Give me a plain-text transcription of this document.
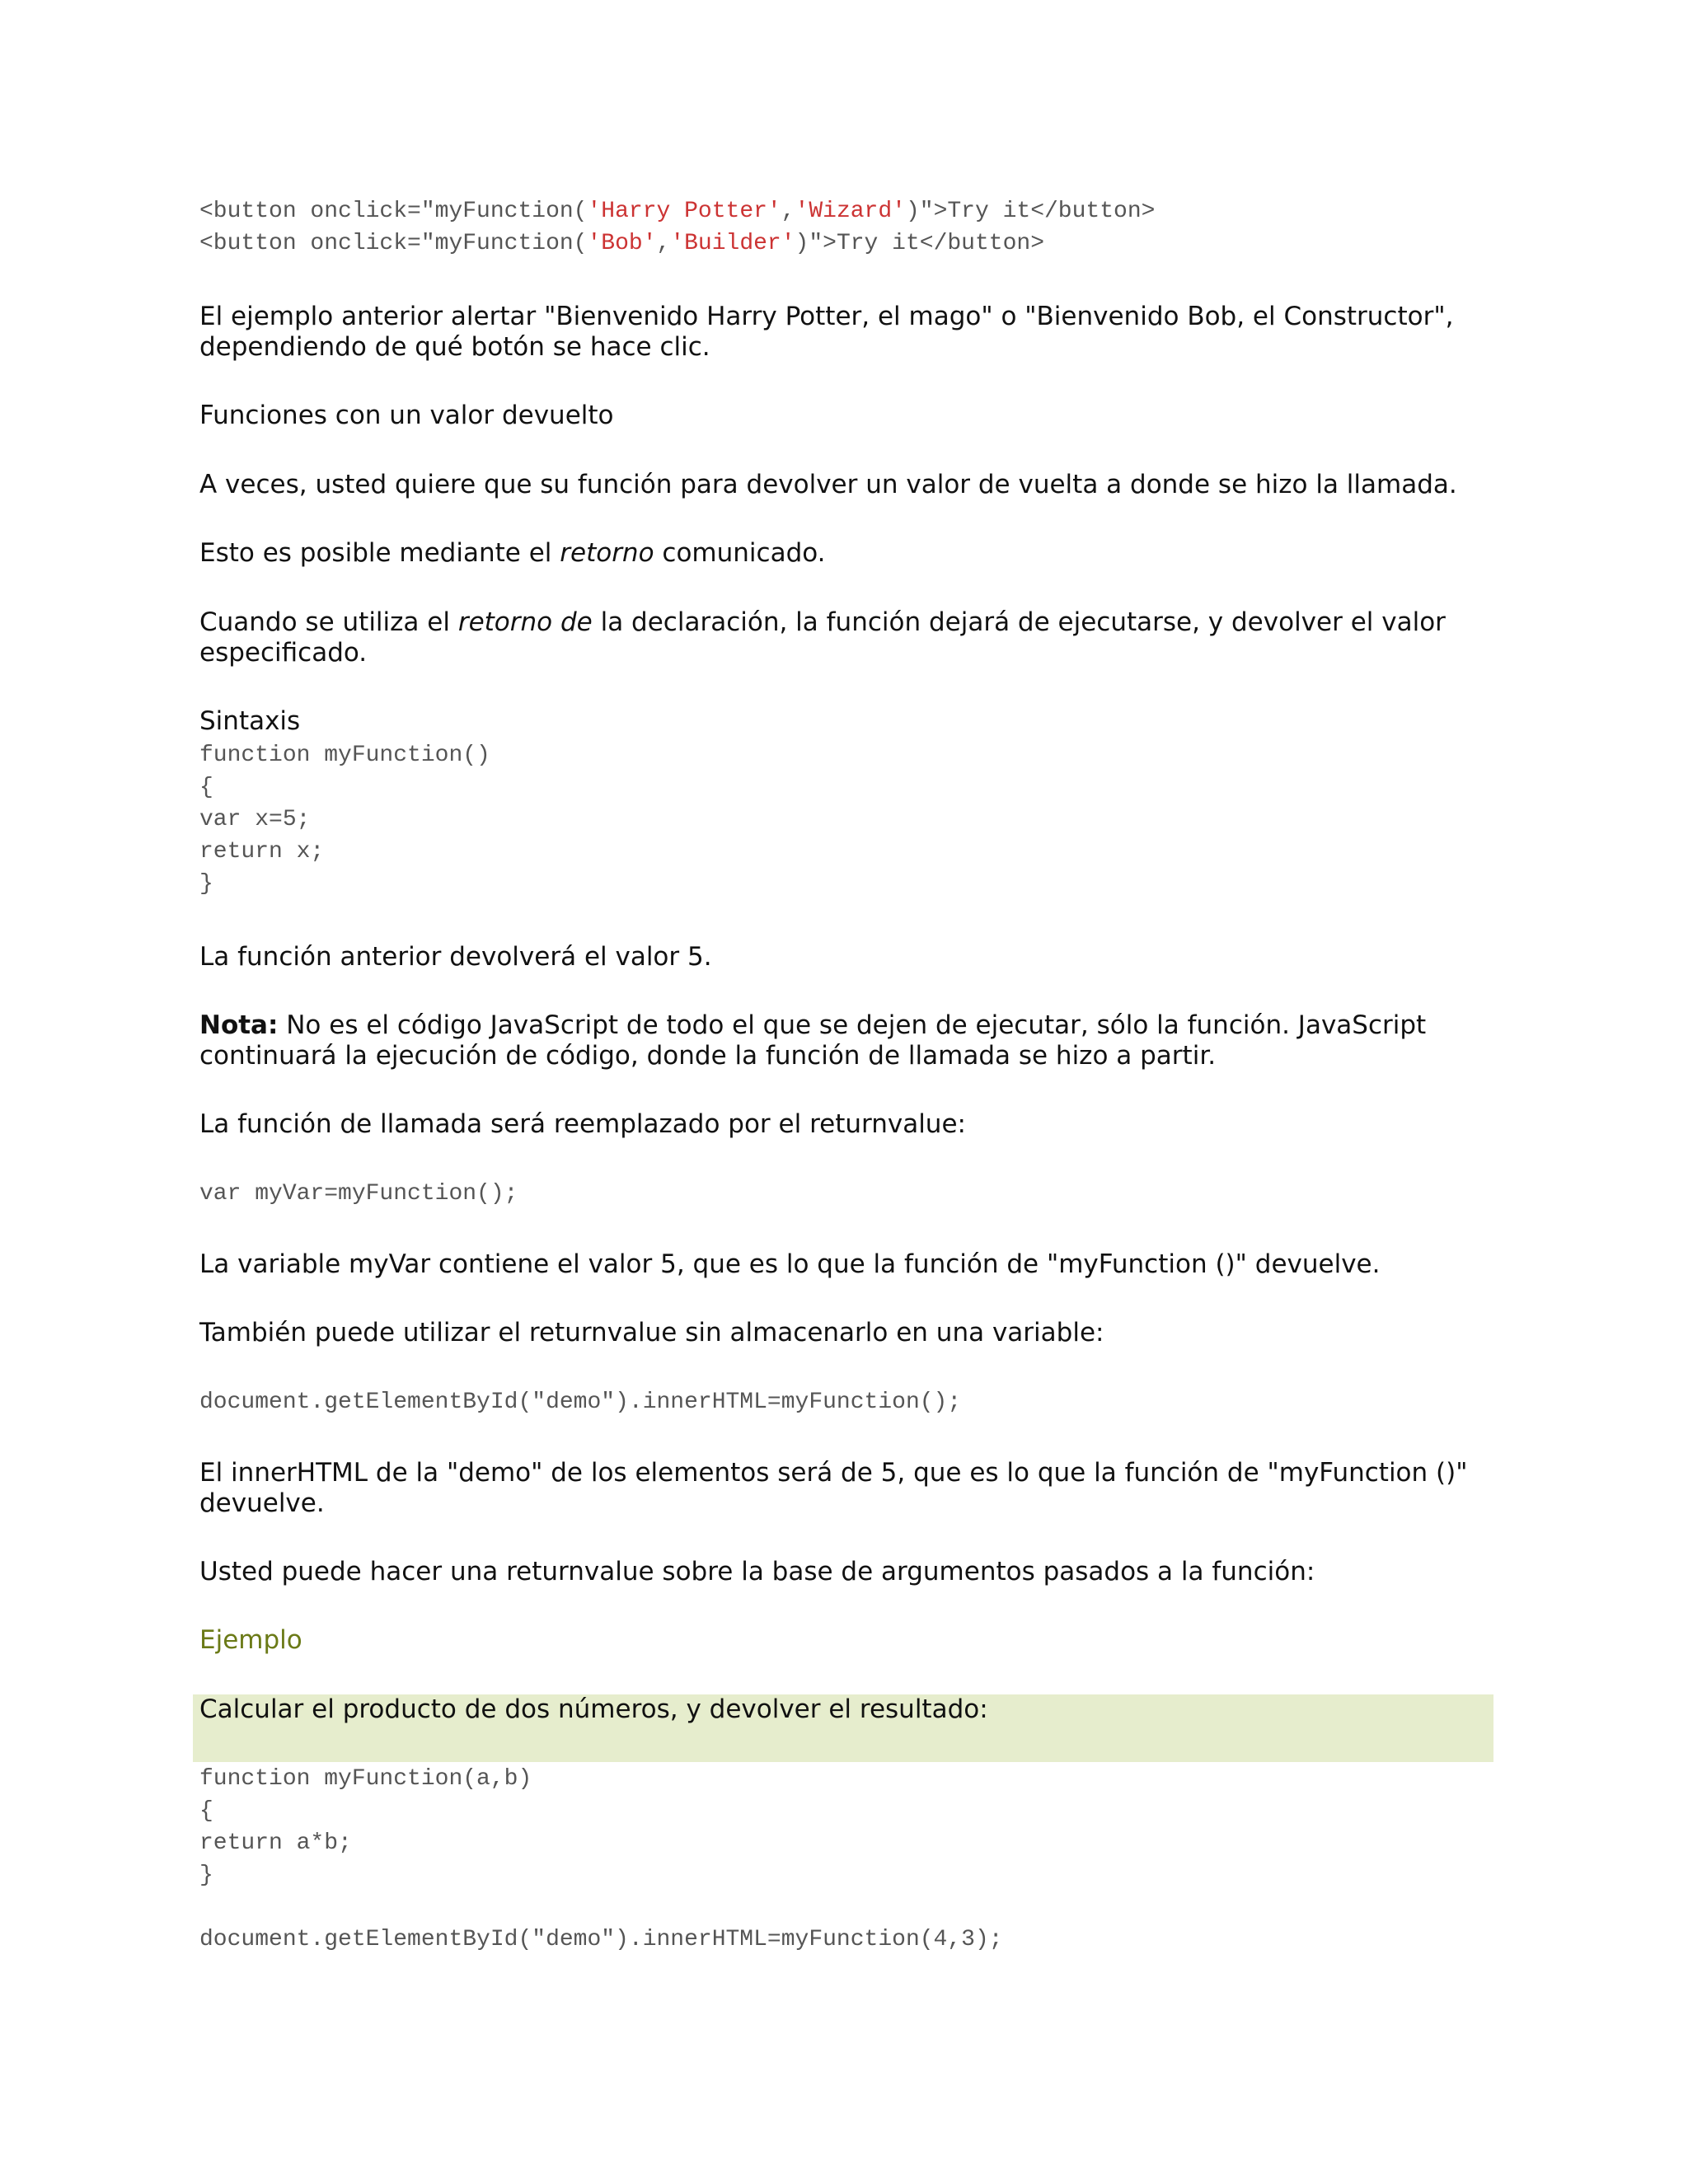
<button onclick="myFunction('Harry Potter','Wizard')">Try it</button>
<button onclick="myFunction('Bob','Builder')">Try it</button>
El ejemplo anterior alertar "Bienvenido Harry Potter, el mago" o "Bienvenido Bob, el Constructor",
dependiendo de qué botón se hace clic.
Funciones con un valor devuelto
A veces, usted quiere que su función para devolver un valor de vuelta a donde se hizo la llamada.
Esto es posible mediante el retorno comunicado.
Cuando se utiliza el retorno de la declaración, la función dejará de ejecutarse, y devolver el valor
especificado.
Sintaxis
function myFunction()
{
var x=5;
return x;
}
La función anterior devolverá el valor 5.
Nota: No es el código JavaScript de todo el que se dejen de ejecutar, sólo la función. JavaScript
continuará la ejecución de código, donde la función de llamada se hizo a partir.
La función de llamada será reemplazado por el returnvalue:
var myVar=myFunction();
La variable myVar contiene el valor 5, que es lo que la función de "myFunction ()" devuelve.
También puede utilizar el returnvalue sin almacenarlo en una variable:
document.getElementById("demo").innerHTML=myFunction();
El innerHTML de la "demo" de los elementos será de 5, que es lo que la función de "myFunction ()"
devuelve.
Usted puede hacer una returnvalue sobre la base de argumentos pasados a la función:
Ejemplo
Calcular el producto de dos números, y devolver el resultado:
function myFunction(a,b)
{
return a*b;
}
document.getElementById("demo").innerHTML=myFunction(4,3);
